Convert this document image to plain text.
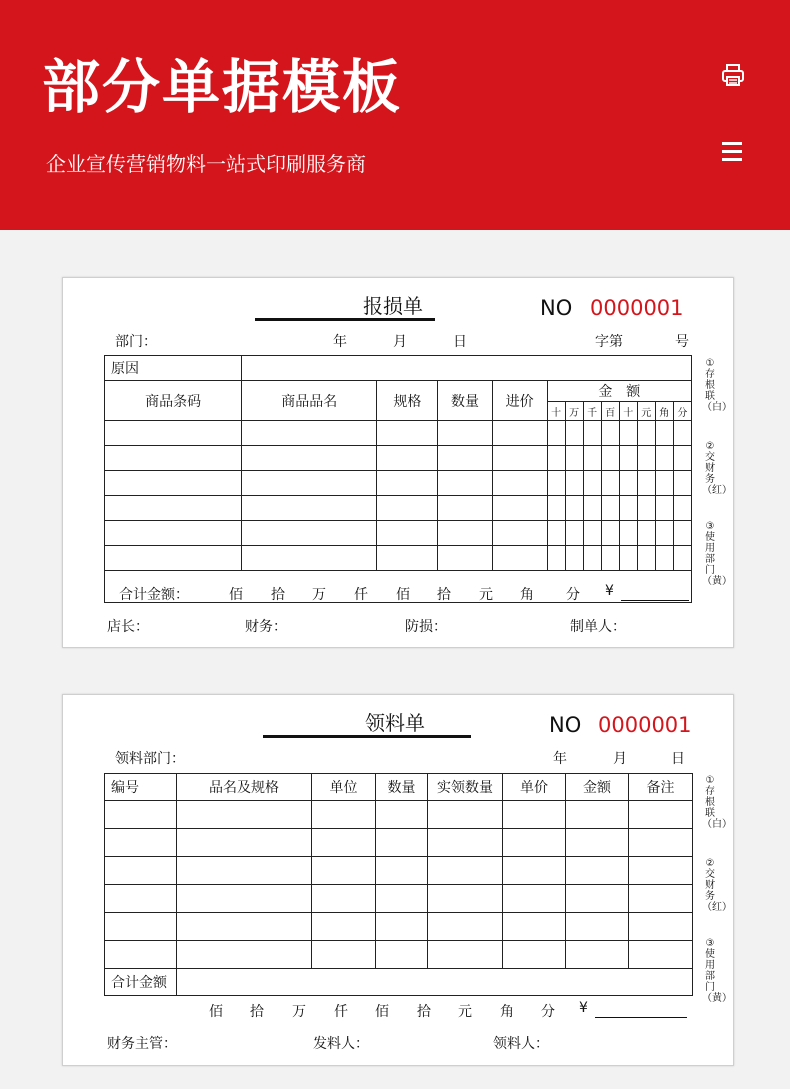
部分单据模板
企业宣传营销物料一站式印刷服务商
报损单	NO 0000001
部门：	年	月	日	字第	号
原因												

商品条码	商品品名	规格	数量	进价	金　额							
					十	万	千	百	十	元	角	分

合计金额：	佰 拾 万 仟 佰 拾 元 角 分 ¥
①存根联（白）
②交财务（红）
③使用部门（黄）
店长：	财务：	防损：	制单人：
领料单	NO 0000001
领料部门：	年	月	日
编号	品名及规格	单位	数量	实领数量	单价	金额	备注

合计金额							
佰 拾 万 仟 佰 拾 元 角 分 ¥
①存根联（白）
②交财务（红）
③使用部门（黄）
财务主管：	发料人：	领料人：
